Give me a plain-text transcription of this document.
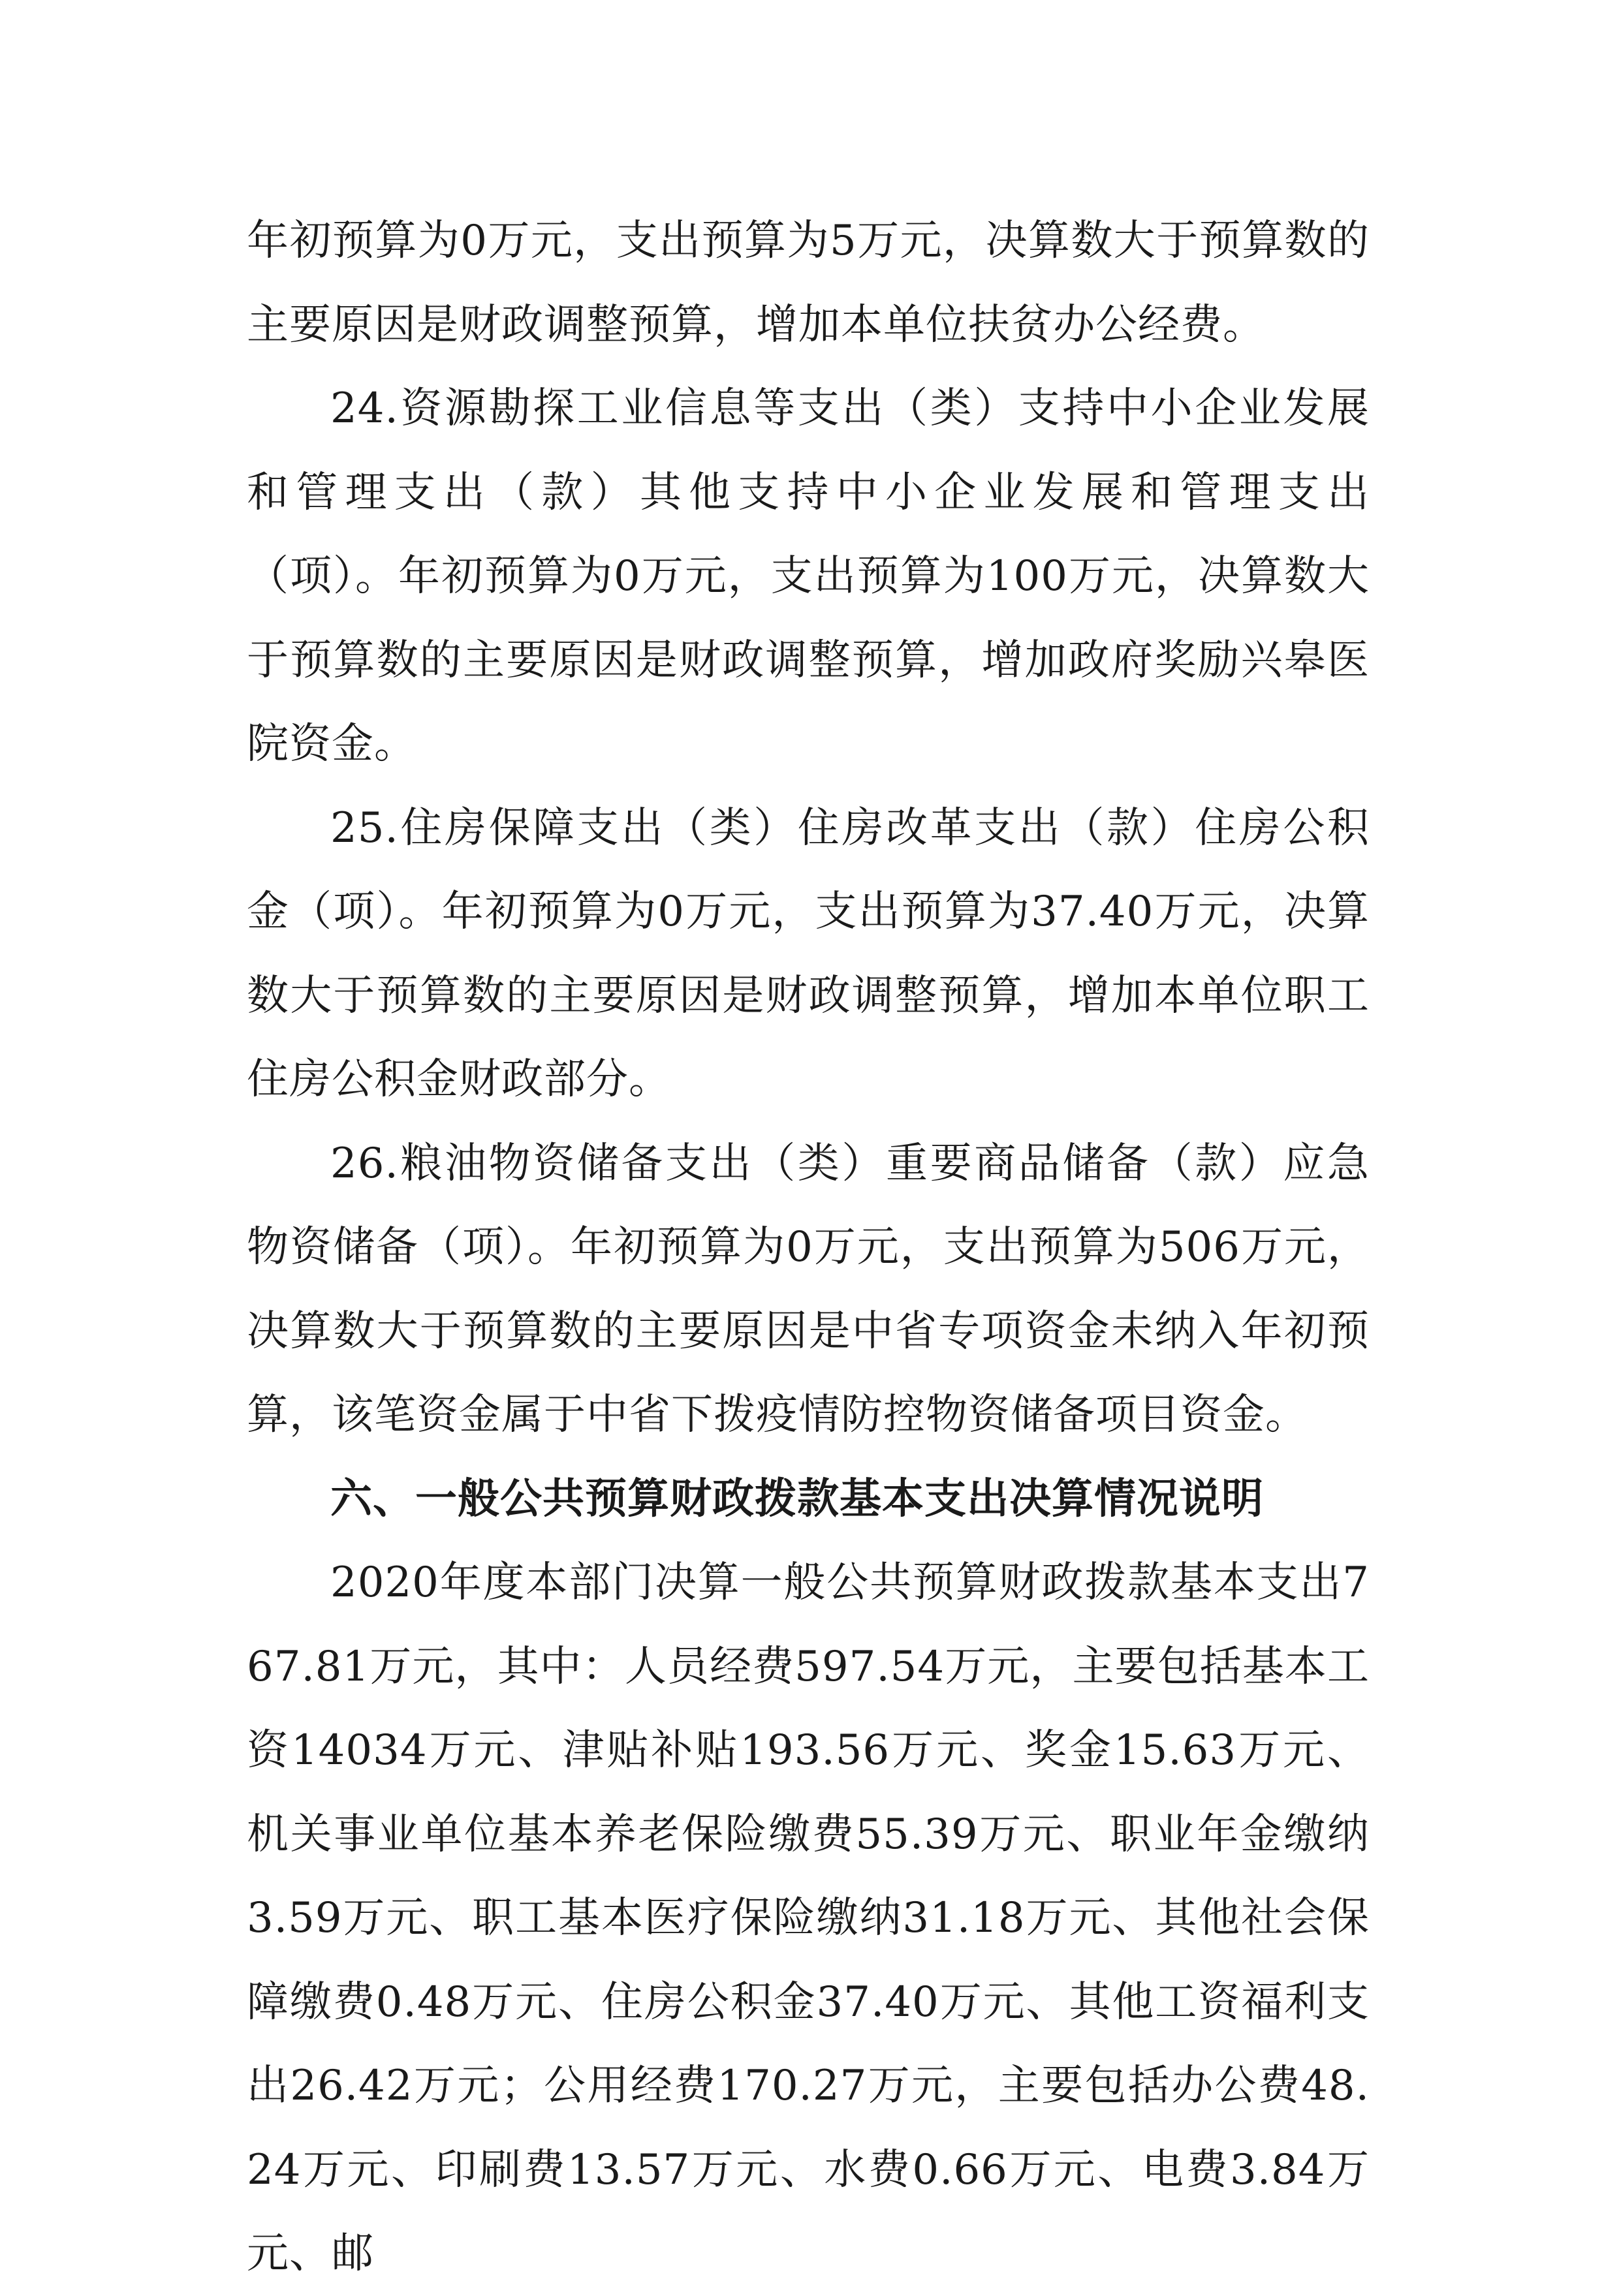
年初预算为0万元，支出预算为5万元，决算数大于预算数的主要原因是财政调整预算，增加本单位扶贫办公经费。

24.资源勘探工业信息等支出（类）支持中小企业发展和管理支出（款）其他支持中小企业发展和管理支出（项）。年初预算为0万元，支出预算为100万元，决算数大于预算数的主要原因是财政调整预算，增加政府奖励兴皋医院资金。

25.住房保障支出（类）住房改革支出（款）住房公积金（项）。年初预算为0万元，支出预算为37.40万元，决算数大于预算数的主要原因是财政调整预算，增加本单位职工住房公积金财政部分。

26.粮油物资储备支出（类）重要商品储备（款）应急物资储备（项）。年初预算为0万元，支出预算为506万元，决算数大于预算数的主要原因是中省专项资金未纳入年初预算，该笔资金属于中省下拨疫情防控物资储备项目资金。

六、一般公共预算财政拨款基本支出决算情况说明

2020年度本部门决算一般公共预算财政拨款基本支出767.81万元，其中：人员经费597.54万元，主要包括基本工资14034万元、津贴补贴193.56万元、奖金15.63万元、机关事业单位基本养老保险缴费55.39万元、职业年金缴纳3.59万元、职工基本医疗保险缴纳31.18万元、其他社会保障缴费0.48万元、住房公积金37.40万元、其他工资福利支出26.42万元；公用经费170.27万元，主要包括办公费48.24万元、印刷费13.57万元、水费0.66万元、电费3.84万元、邮
